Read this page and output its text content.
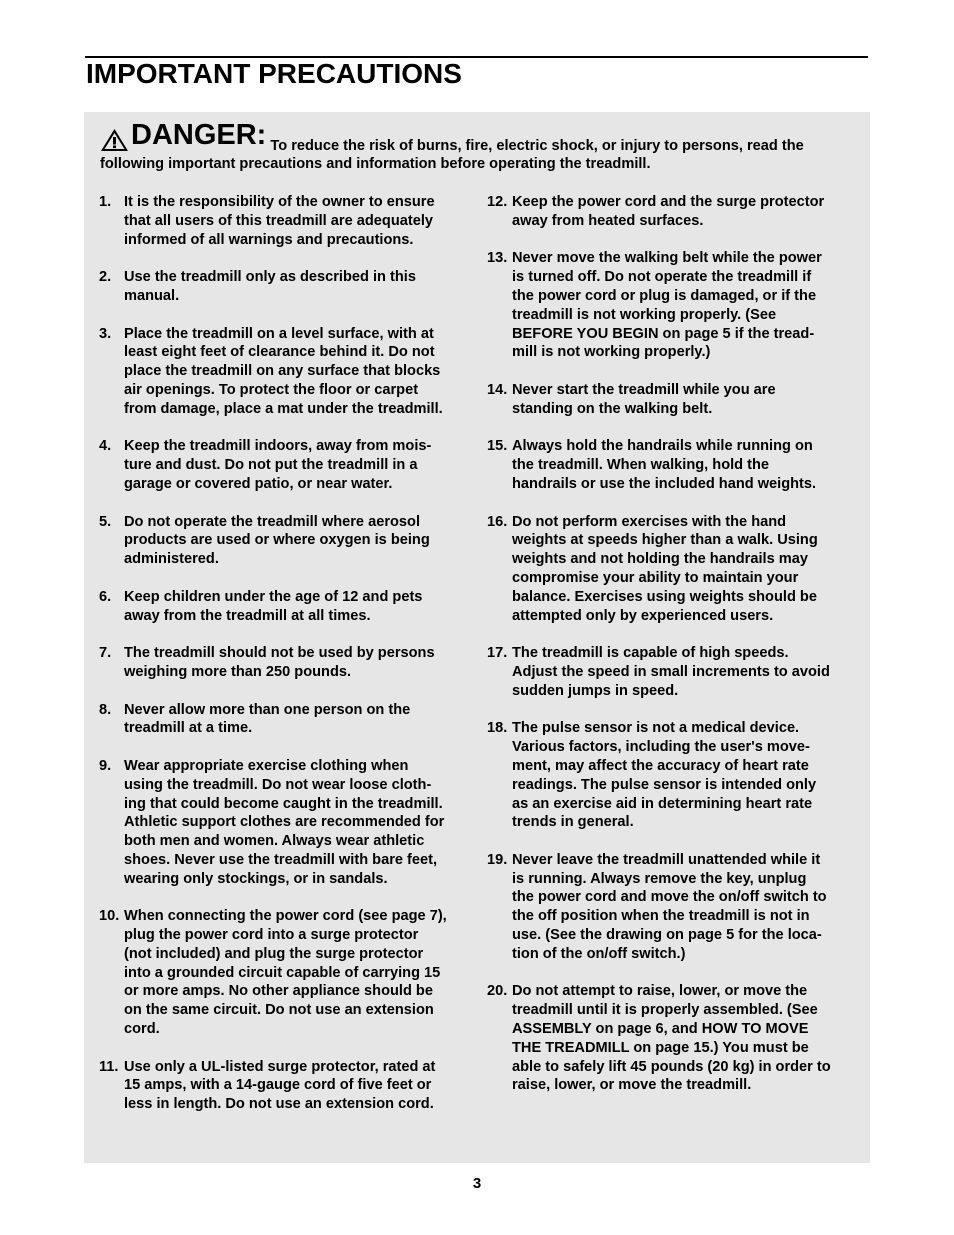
IMPORTANT PRECAUTIONS
DANGER: To reduce the risk of burns, fire, electric shock, or injury to persons, read the following important precautions and information before operating the treadmill.
1. It is the responsibility of the owner to ensure
that all users of this treadmill are adequately
informed of all warnings and precautions.
2. Use the treadmill only as described in this
manual.
3. Place the treadmill on a level surface, with at
least eight feet of clearance behind it. Do not
place the treadmill on any surface that blocks
air openings. To protect the floor or carpet
from damage, place a mat under the treadmill.
4. Keep the treadmill indoors, away from mois-
ture and dust. Do not put the treadmill in a
garage or covered patio, or near water.
5. Do not operate the treadmill where aerosol
products are used or where oxygen is being
administered.
6. Keep children under the age of 12 and pets
away from the treadmill at all times.
7. The treadmill should not be used by persons
weighing more than 250 pounds.
8. Never allow more than one person on the
treadmill at a time.
9. Wear appropriate exercise clothing when
using the treadmill. Do not wear loose cloth-
ing that could become caught in the treadmill.
Athletic support clothes are recommended for
both men and women. Always wear athletic
shoes. Never use the treadmill with bare feet,
wearing only stockings, or in sandals.
10. When connecting the power cord (see page 7),
plug the power cord into a surge protector
(not included) and plug the surge protector
into a grounded circuit capable of carrying 15
or more amps. No other appliance should be
on the same circuit. Do not use an extension
cord.
11. Use only a UL-listed surge protector, rated at
15 amps, with a 14-gauge cord of five feet or
less in length. Do not use an extension cord.
12. Keep the power cord and the surge protector
away from heated surfaces.
13. Never move the walking belt while the power
is turned off. Do not operate the treadmill if
the power cord or plug is damaged, or if the
treadmill is not working properly. (See
BEFORE YOU BEGIN on page 5 if the tread-
mill is not working properly.)
14. Never start the treadmill while you are
standing on the walking belt.
15. Always hold the handrails while running on
the treadmill. When walking, hold the
handrails or use the included hand weights.
16. Do not perform exercises with the hand
weights at speeds higher than a walk. Using
weights and not holding the handrails may
compromise your ability to maintain your
balance. Exercises using weights should be
attempted only by experienced users.
17. The treadmill is capable of high speeds.
Adjust the speed in small increments to avoid
sudden jumps in speed.
18. The pulse sensor is not a medical device.
Various factors, including the user's move-
ment, may affect the accuracy of heart rate
readings. The pulse sensor is intended only
as an exercise aid in determining heart rate
trends in general.
19. Never leave the treadmill unattended while it
is running. Always remove the key, unplug
the power cord and move the on/off switch to
the off position when the treadmill is not in
use. (See the drawing on page 5 for the loca-
tion of the on/off switch.)
20. Do not attempt to raise, lower, or move the
treadmill until it is properly assembled. (See
ASSEMBLY on page 6, and HOW TO MOVE
THE TREADMILL on page 15.) You must be
able to safely lift 45 pounds (20 kg) in order to
raise, lower, or move the treadmill.
3
